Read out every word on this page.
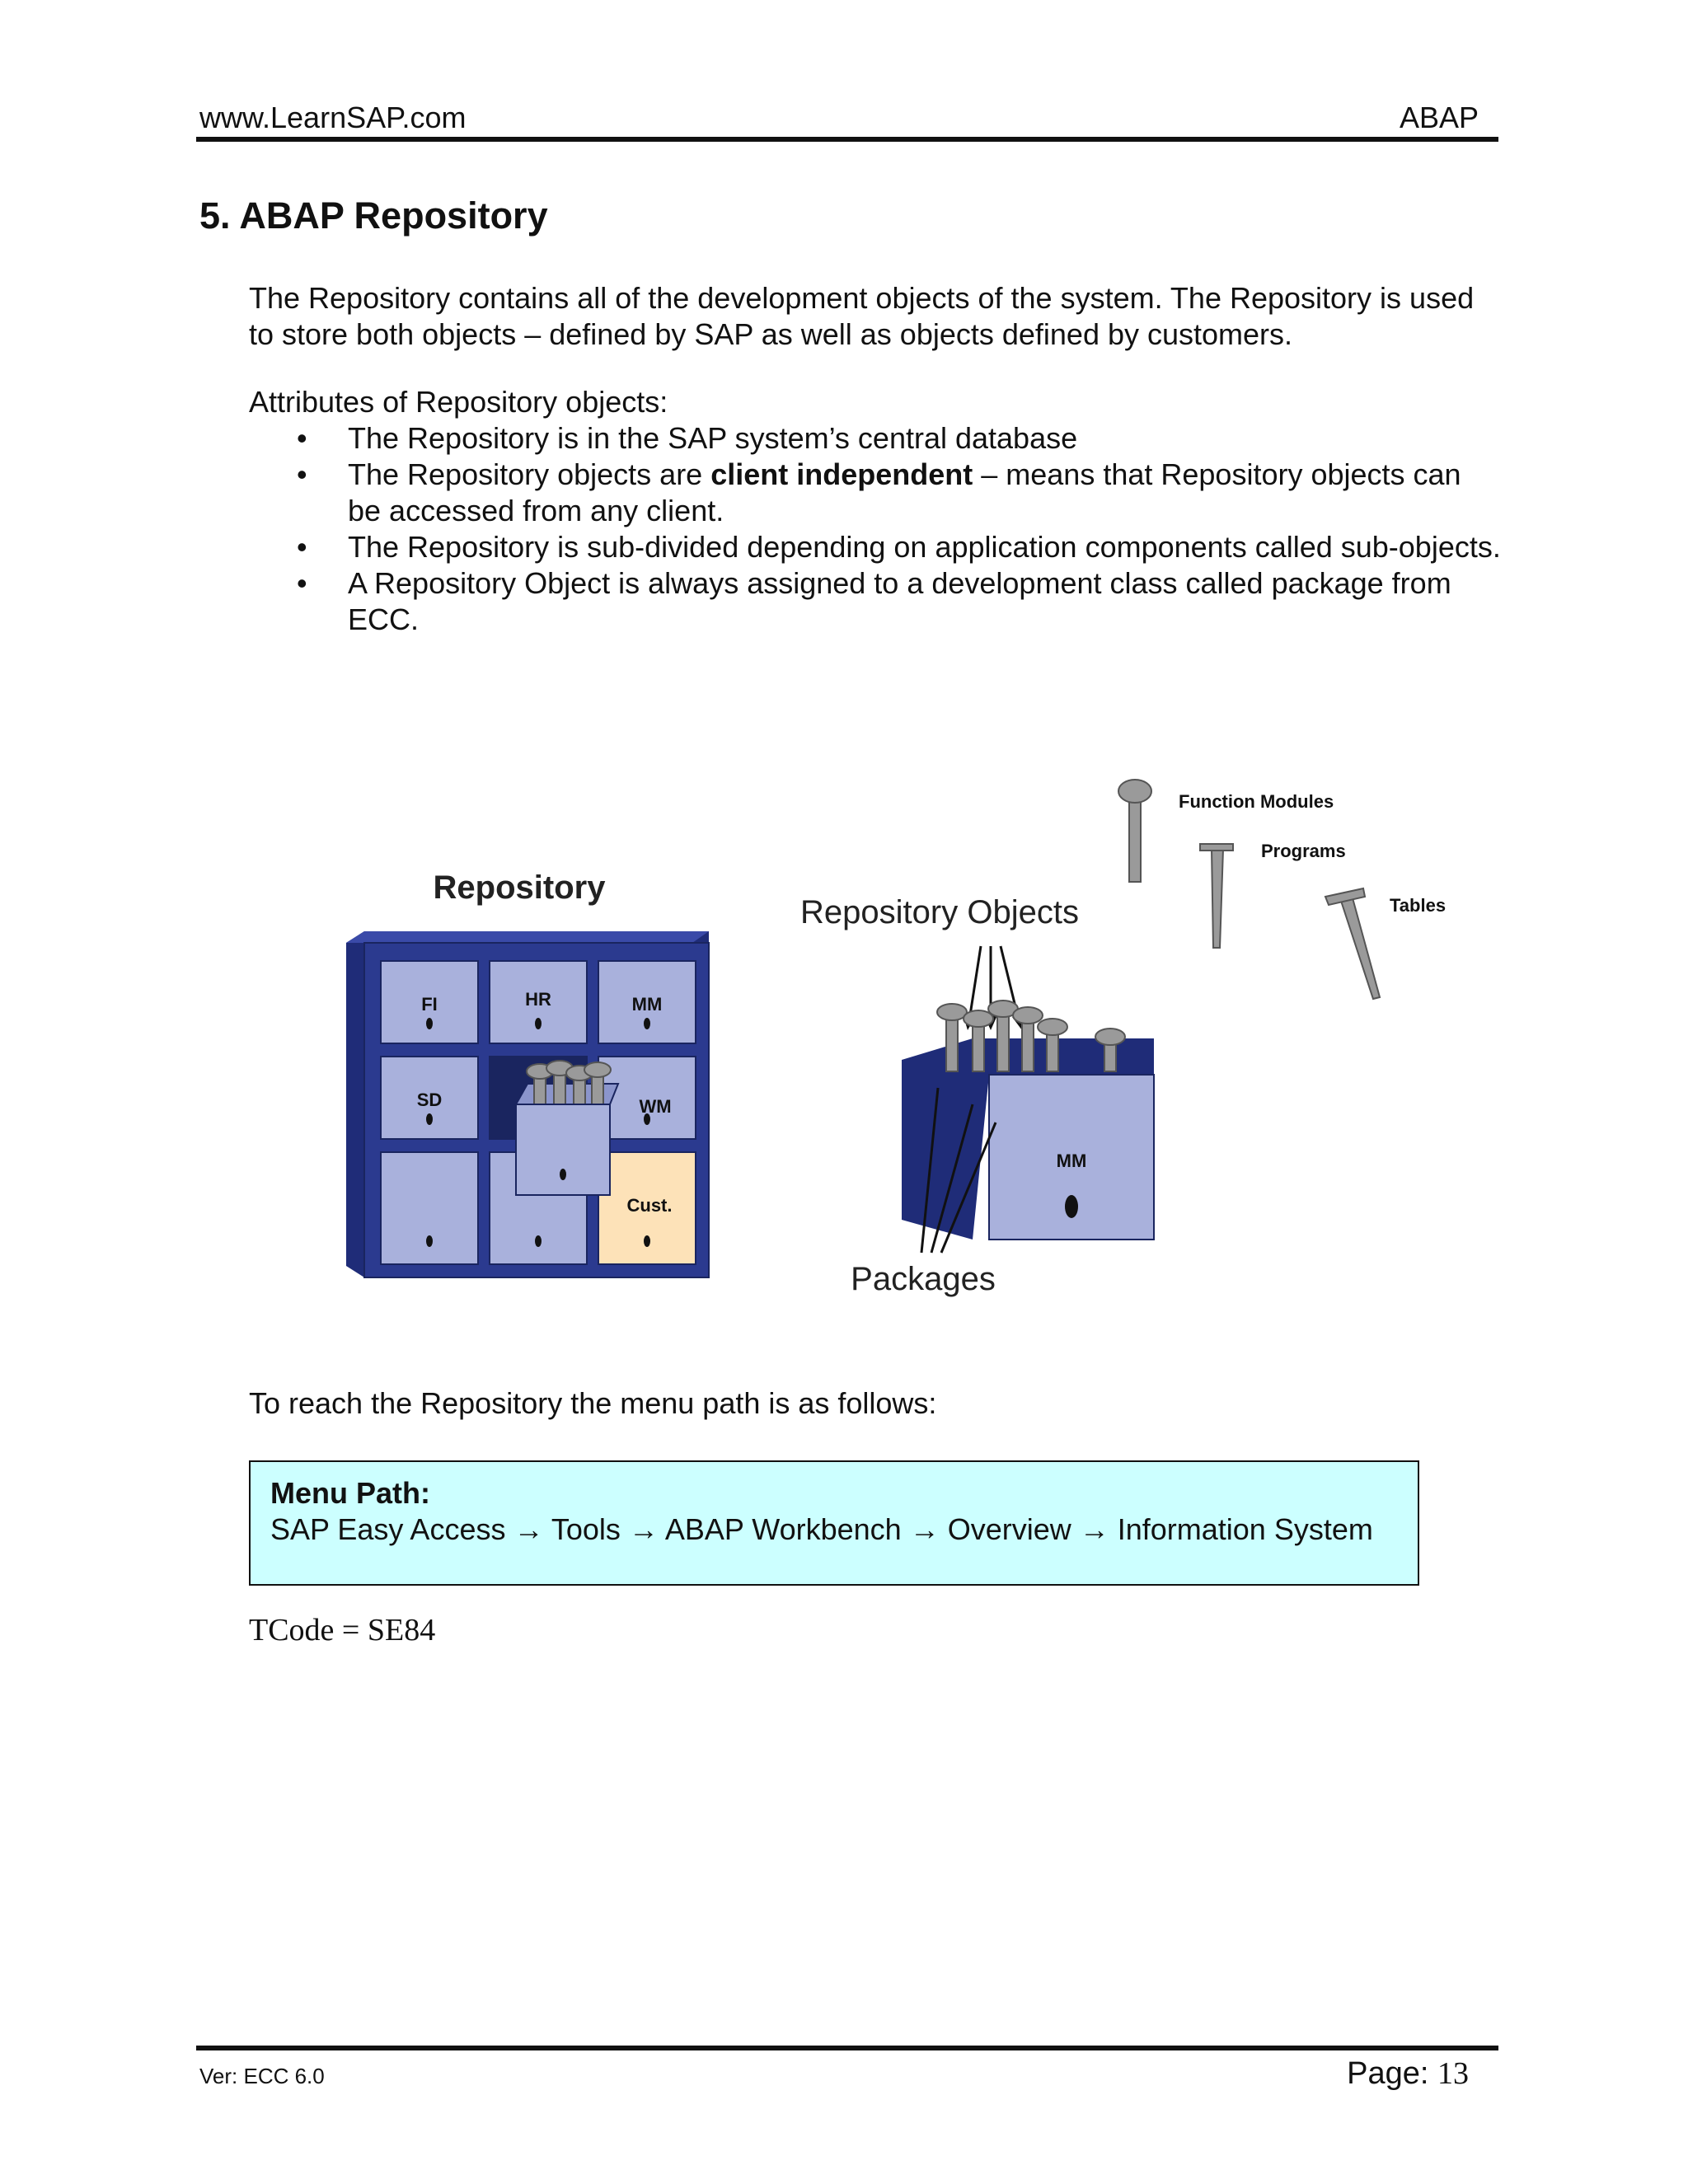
www.LearnSAP.com	ABAP
5. ABAP Repository
The Repository contains all of the development objects of the system. The Repository is used to store both objects – defined by SAP as well as objects defined by customers.
Attributes of Repository objects:
• The Repository is in the SAP system’s central database
• The Repository objects are client independent – means that Repository objects can be accessed from any client.
• The Repository is sub-divided depending on application components called sub-objects.
• A Repository Object is always assigned to a development class called package from ECC.
FI	HR	MM
SD	WM
Cust.
Repository
Repository Objects
MM
Packages
Function Modules
Programs
Tables
To reach the Repository the menu path is as follows:
Menu Path:
SAP Easy Access → Tools → ABAP Workbench → Overview → Information System
TCode = SE84
Ver: ECC 6.0	Page: 13
